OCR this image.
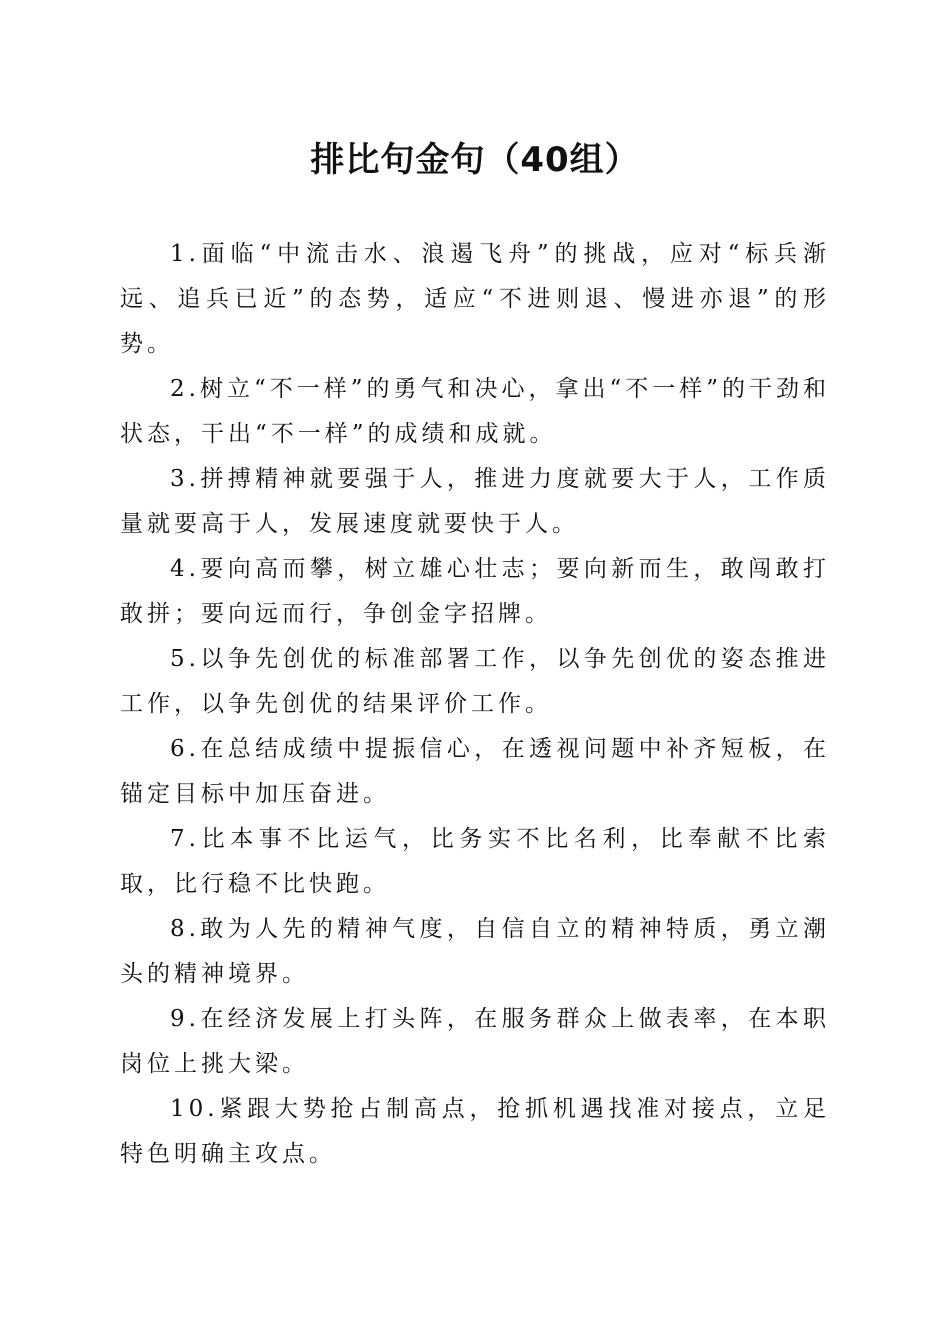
排比句金句（40组）

1.面临“中流击水、浪遏飞舟”的挑战，应对“标兵渐远、追兵已近”的态势，适应“不进则退、慢进亦退”的形势。

2.树立“不一样”的勇气和决心，拿出“不一样”的干劲和状态，干出“不一样”的成绩和成就。

3.拼搏精神就要强于人，推进力度就要大于人，工作质量就要高于人，发展速度就要快于人。

4.要向高而攀，树立雄心壮志；要向新而生，敢闯敢打敢拼；要向远而行，争创金字招牌。

5.以争先创优的标准部署工作，以争先创优的姿态推进工作，以争先创优的结果评价工作。

6.在总结成绩中提振信心，在透视问题中补齐短板，在锚定目标中加压奋进。

7.比本事不比运气，比务实不比名利，比奉献不比索取，比行稳不比快跑。

8.敢为人先的精神气度，自信自立的精神特质，勇立潮头的精神境界。

9.在经济发展上打头阵，在服务群众上做表率，在本职岗位上挑大梁。

10.紧跟大势抢占制高点，抢抓机遇找准对接点，立足特色明确主攻点。
